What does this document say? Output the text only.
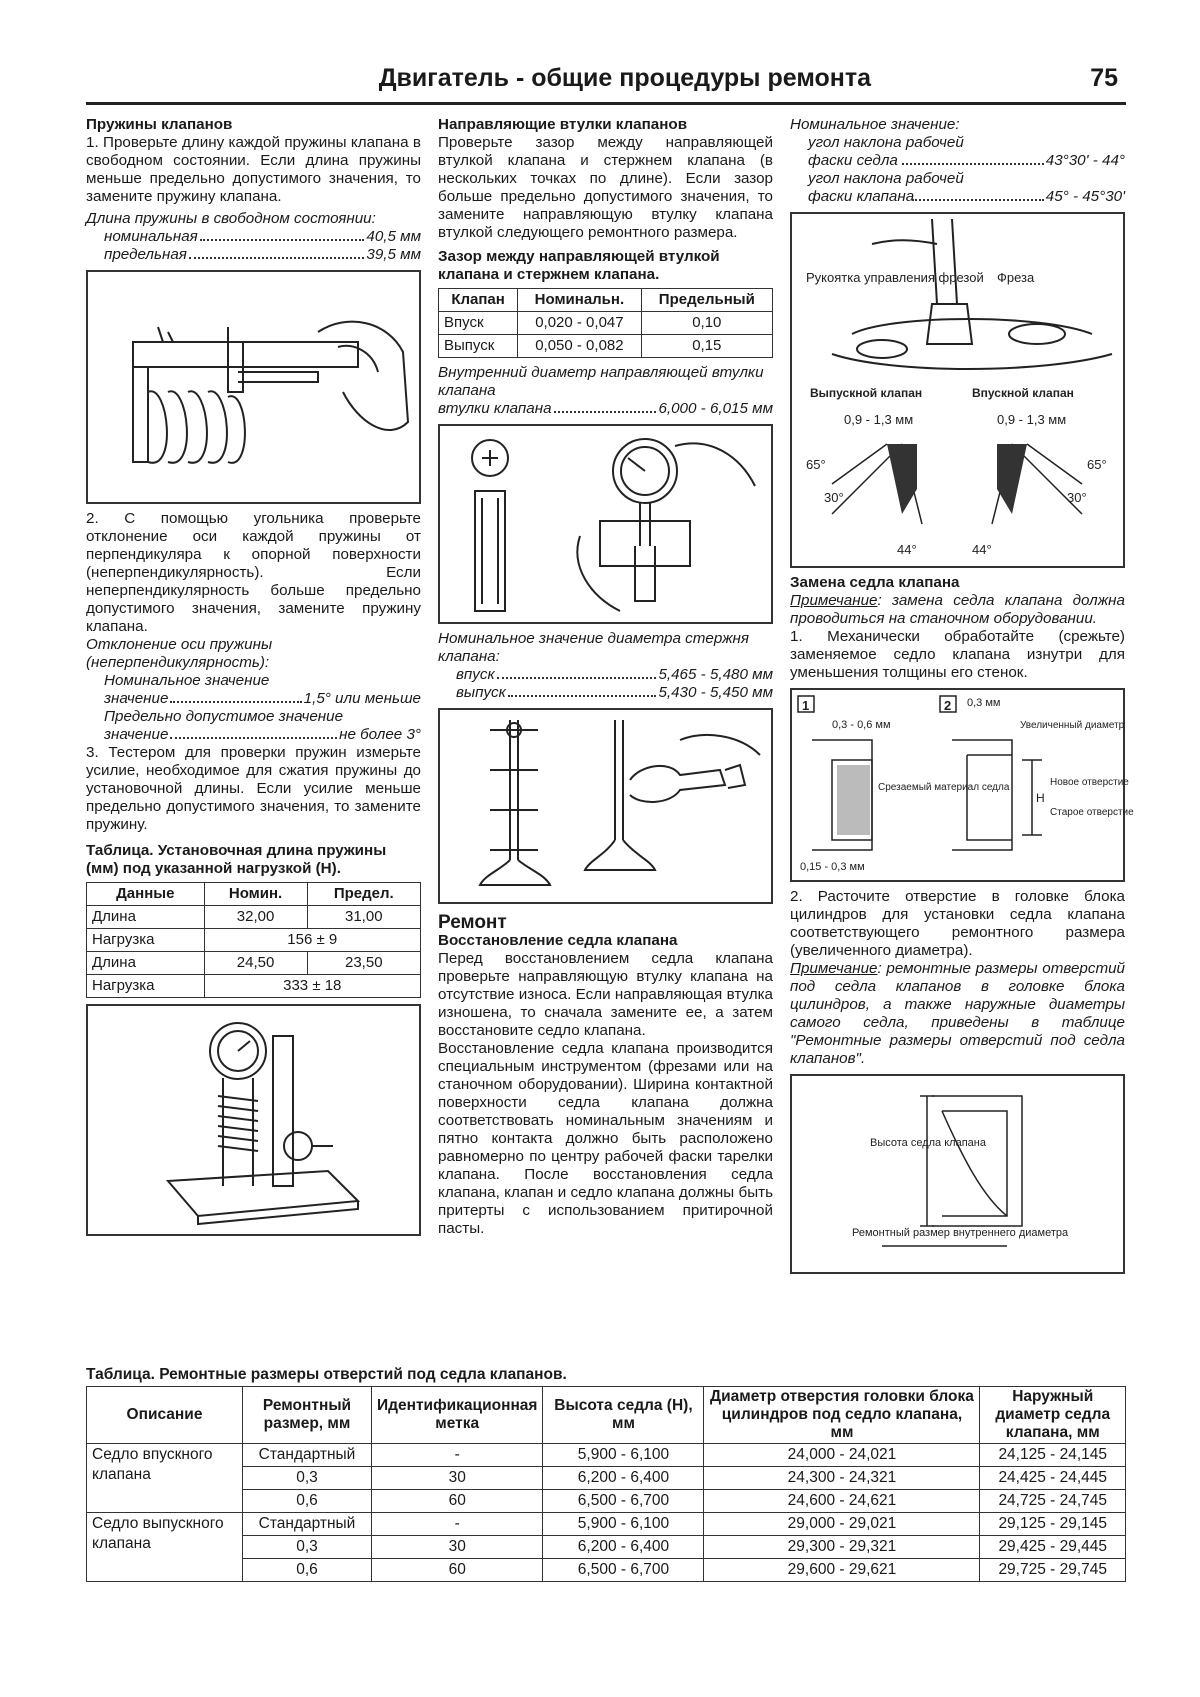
Двигатель - общие процедуры ремонта	75
Пружины клапанов
1. Проверьте длину каждой пружины клапана в свободном состоянии. Если длина пружины меньше предельно допустимого значения, то замените пружину клапана.
Длина пружины в свободном состоянии:
номинальная	40,5 мм
предельная	39,5 мм
2. С помощью угольника проверьте отклонение оси каждой пружины от перпендикуляра к опорной поверхности (неперпендикулярность). Если неперпендикулярность больше предельно допустимого значения, замените пружину клапана.
Отклонение оси пружины (неперпендикулярность):
Номинальное значение
значение	1,5° или меньше
Предельно допустимое значение
значение	не более 3°
3. Тестером для проверки пружин измерьте усилие, необходимое для сжатия пружины до установочной длины. Если усилие меньше предельно допустимого значения, то замените пружину.
Таблица. Установочная длина пружины (мм) под указанной нагрузкой (Н).
Данные	Номин.	Предел.
Длина	32,00	31,00
Нагрузка	156 ± 9	
Длина	24,50	23,50
Нагрузка	333 ± 18	
Направляющие втулки клапанов
Проверьте зазор между направляющей втулкой клапана и стержнем клапана (в нескольких точках по длине). Если зазор больше предельно допустимого значения, то замените направляющую втулку клапана втулкой следующего ремонтного размера.
Зазор между направляющей втулкой клапана и стержнем клапана.
Клапан	Номинальн.	Предельный
Впуск	0,020 - 0,047	0,10
Выпуск	0,050 - 0,082	0,15
Внутренний диаметр направляющей втулки клапана
втулки клапана	6,000 - 6,015 мм
Номинальное значение диаметра стержня клапана:
впуск	5,465 - 5,480 мм
выпуск	5,430 - 5,450 мм
Ремонт
Восстановление седла клапана
Перед восстановлением седла клапана проверьте направляющую втулку клапана на отсутствие износа. Если направляющая втулка изношена, то сначала замените ее, а затем восстановите седло клапана.
Восстановление седла клапана производится специальным инструментом (фрезами или на станочном оборудовании). Ширина контактной поверхности седла клапана должна соответствовать номинальным значениям и пятно контакта должно быть расположено равномерно по центру рабочей фаски тарелки клапана. После восстановления седла клапана, клапан и седло клапана должны быть притерты с использованием притирочной пасты.
Номинальное значение:
угол наклона рабочей фаски седла	43°30' - 44°
угол наклона рабочей фаски клапана	45° - 45°30'
Рукоятка управления фрезой Фреза
Выпускной клапан	Впускной клапан
0,9 - 1,3 мм	0,9 - 1,3 мм
65°	65°
30°	30°
44°	44°
Замена седла клапана
Примечание: замена седла клапана должна проводиться на станочном оборудовании.
1. Механически обработайте (срежьте) заменяемое седло клапана изнутри для уменьшения толщины его стенок.
1	2
0,3 - 0,6 мм
0,3 мм
Срезаемый материал седла
Увеличенный диаметр
Новое отверстие
Старое отверстие
H
0,15 - 0,3 мм
2. Расточите отверстие в головке блока цилиндров для установки седла клапана соответствующего ремонтного размера (увеличенного диаметра).
Примечание: ремонтные размеры отверстий под седла клапанов в головке блока цилиндров, а также наружные диаметры самого седла, приведены в таблице "Ремонтные размеры отверстий под седла клапанов".
Высота седла клапана
Ремонтный размер внутреннего диаметра
Таблица. Ремонтные размеры отверстий под седла клапанов.
Описание	Ремонтный размер, мм	Идентификационная метка	Высота седла (Н), мм	Диаметр отверстия головки блока цилиндров под седло клапана, мм	Наружный диаметр седла клапана, мм
Седло впускного клапана	Стандартный	-	5,900 - 6,100	24,000 - 24,021	24,125 - 24,145
	0,3	30	6,200 - 6,400	24,300 - 24,321	24,425 - 24,445
	0,6	60	6,500 - 6,700	24,600 - 24,621	24,725 - 24,745
Седло выпускного клапана	Стандартный	-	5,900 - 6,100	29,000 - 29,021	29,125 - 29,145
	0,3	30	6,200 - 6,400	29,300 - 29,321	29,425 - 29,445
	0,6	60	6,500 - 6,700	29,600 - 29,621	29,725 - 29,745
